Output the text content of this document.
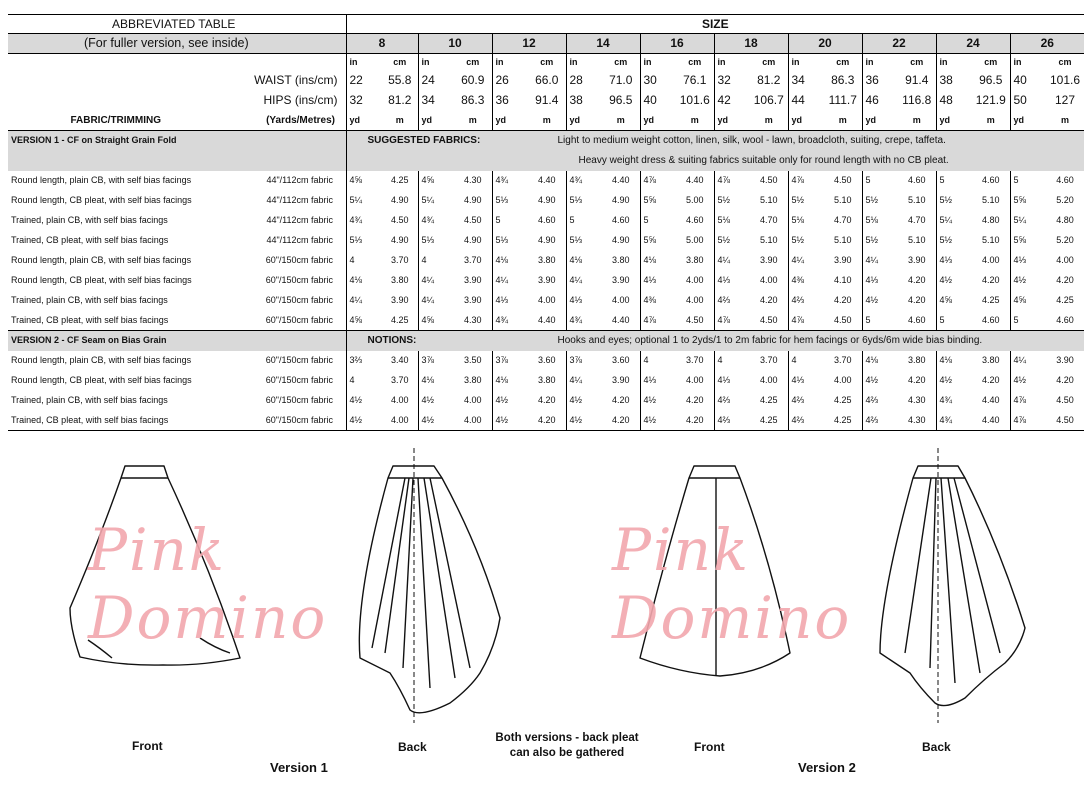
ABBREVIATED TABLE	SIZE																			
(For fuller version, see inside)	8		10		12		14		16		18		20		22		24		26	
	in	cm	in	cm	in	cm	in	cm	in	cm	in	cm	in	cm	in	cm	in	cm	in	cm
WAIST (ins/cm)	22	55.8	24	60.9	26	66.0	28	71.0	30	76.1	32	81.2	34	86.3	36	91.4	38	96.5	40	101.6
HIPS (ins/cm)	32	81.2	34	86.3	36	91.4	38	96.5	40	101.6	42	106.7	44	111.7	46	116.8	48	121.9	50	127
FABRIC/TRIMMING (Yards/Metres)	yd	m	yd	m	yd	m	yd	m	yd	m	yd	m	yd	m	yd	m	yd	m	yd	m
VERSION 1 - CF on Straight Grain Fold	SUGGESTED FABRICS: Light to medium weight cotton, linen, silk, wool - lawn, broadcloth, suiting, crepe, taffeta.																			
	Heavy weight dress & suiting fabrics suitable only for round length with no CB pleat.																			
Round length, plain CB, with self bias facings 44"/112cm fabric	4⅝	4.25	4⅝	4.30	4¾	4.40	4¾	4.40	4⅞	4.40	4⅞	4.50	4⅞	4.50	5	4.60	5	4.60	5	4.60
Round length, CB pleat, with self bias facings 44"/112cm fabric	5¼	4.90	5¼	4.90	5⅓	4.90	5⅓	4.90	5⅝	5.00	5½	5.10	5½	5.10	5½	5.10	5½	5.10	5⅝	5.20
Trained, plain CB, with self bias facings 44"/112cm fabric	4¾	4.50	4¾	4.50	5	4.60	5	4.60	5	4.60	5⅛	4.70	5⅛	4.70	5⅛	4.70	5¼	4.80	5¼	4.80
Trained, CB pleat, with self bias facings 44"/112cm fabric	5⅓	4.90	5⅓	4.90	5⅓	4.90	5⅓	4.90	5⅝	5.00	5½	5.10	5½	5.10	5½	5.10	5½	5.10	5⅝	5.20
Round length, plain CB, with self bias facings 60"/150cm fabric	4	3.70	4	3.70	4⅛	3.80	4⅛	3.80	4⅛	3.80	4¼	3.90	4¼	3.90	4¼	3.90	4⅓	4.00	4⅓	4.00
Round length, CB pleat, with self bias facings 60"/150cm fabric	4⅛	3.80	4¼	3.90	4¼	3.90	4¼	3.90	4⅓	4.00	4⅓	4.00	4⅜	4.10	4⅓	4.20	4½	4.20	4½	4.20
Trained, plain CB, with self bias facings 60"/150cm fabric	4¼	3.90	4¼	3.90	4⅓	4.00	4⅓	4.00	4⅜	4.00	4⅔	4.20	4⅔	4.20	4½	4.20	4⅝	4.25	4⅝	4.25
Trained, CB pleat, with self bias facings 60"/150cm fabric	4⅝	4.25	4⅝	4.30	4¾	4.40	4¾	4.40	4⅞	4.50	4⅞	4.50	4⅞	4.50	5	4.60	5	4.60	5	4.60
VERSION 2 - CF Seam on Bias Grain	NOTIONS: Hooks and eyes; optional 1 to 2yds/1 to 2m fabric for hem facings or 6yds/6m wide bias binding.																			
Round length, plain CB, with self bias facings 60"/150cm fabric	3⅔	3.40	3⅞	3.50	3⅞	3.60	3⅞	3.60	4	3.70	4	3.70	4	3.70	4⅛	3.80	4⅛	3.80	4¼	3.90
Round length, CB pleat, with self bias facings 60"/150cm fabric	4	3.70	4⅛	3.80	4⅛	3.80	4¼	3.90	4⅓	4.00	4⅓	4.00	4⅓	4.00	4½	4.20	4½	4.20	4½	4.20
Trained, plain CB, with self bias facings 60"/150cm fabric	4½	4.00	4½	4.00	4½	4.20	4½	4.20	4½	4.20	4⅔	4.25	4⅔	4.25	4⅔	4.30	4¾	4.40	4⅞	4.50
Trained, CB pleat, with self bias facings 60"/150cm fabric	4½	4.00	4½	4.00	4½	4.20	4½	4.20	4½	4.20	4⅔	4.25	4⅔	4.25	4⅔	4.30	4¾	4.40	4⅞	4.50
Pink Domino
Pink Domino
Front	Back
Version 1
Both versions - back pleat
can also be gathered	Front	Back
Version 2
